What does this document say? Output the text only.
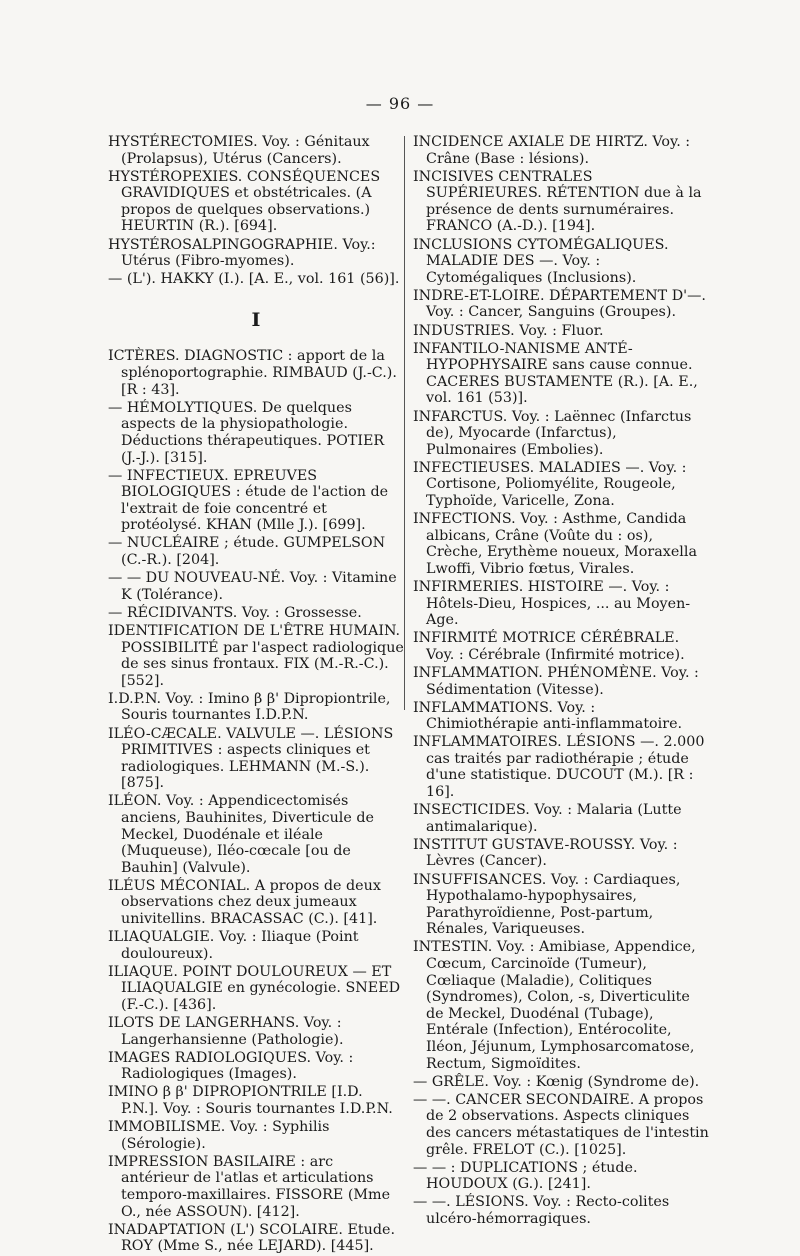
— 96 —

HYSTÉRECTOMIES. Voy. : Génitaux (Prolapsus), Utérus (Cancers).

HYSTÉROPEXIES. CONSÉQUENCES GRAVIDIQUES et obstétricales. (A propos de quelques observations.) HEURTIN (R.). [694].

HYSTÉROSALPINGOGRAPHIE. Voy.: Utérus (Fibro-myomes).

— (L'). HAKKY (I.). [A. E., vol. 161 (56)].

I

ICTÈRES. DIAGNOSTIC : apport de la splénoportographie. RIMBAUD (J.-C.). [R : 43].

— HÉMOLYTIQUES. De quelques aspects de la physiopathologie. Déductions thérapeutiques. POTIER (J.-J.). [315].

— INFECTIEUX. EPREUVES BIOLOGIQUES : étude de l'action de l'extrait de foie concentré et protéolysé. KHAN (Mlle J.). [699].

— NUCLÉAIRE ; étude. GUMPELSON (C.-R.). [204].

— — DU NOUVEAU-NÉ. Voy. : Vitamine K (Tolérance).

— RÉCIDIVANTS. Voy. : Grossesse.

IDENTIFICATION DE L'ÊTRE HUMAIN. POSSIBILITÉ par l'aspect radiologique de ses sinus frontaux. FIX (M.-R.-C.). [552].

I.D.P.N. Voy. : Imino β β' Dipropiontrile, Souris tournantes I.D.P.N.

ILÉO-CÆCALE. VALVULE —. LÉSIONS PRIMITIVES : aspects cliniques et radiologiques. LEHMANN (M.-S.). [875].

ILÉON. Voy. : Appendicectomisés anciens, Bauhinites, Diverticule de Meckel, Duodénale et iléale (Muqueuse), Iléo-cœcale [ou de Bauhin] (Valvule).

ILÉUS MÉCONIAL. A propos de deux observations chez deux jumeaux univitellins. BRACASSAC (C.). [41].

ILIAQUALGIE. Voy. : Iliaque (Point douloureux).

ILIAQUE. POINT DOULOUREUX — ET ILIAQUALGIE en gynécologie. SNEED (F.-C.). [436].

ILOTS DE LANGERHANS. Voy. : Langerhansienne (Pathologie).

IMAGES RADIOLOGIQUES. Voy. : Radiologiques (Images).

IMINO β β' DIPROPIONTRILE [I.D. P.N.]. Voy. : Souris tournantes I.D.P.N.

IMMOBILISME. Voy. : Syphilis (Sérologie).

IMPRESSION BASILAIRE : arc antérieur de l'atlas et articulations temporo-maxillaires. FISSORE (Mme O., née ASSOUN). [412].

INADAPTATION (L') SCOLAIRE. Etude. ROY (Mme S., née LEJARD). [445].

INCIDENCE AXIALE DE HIRTZ. Voy. : Crâne (Base : lésions).

INCISIVES CENTRALES SUPÉRIEURES. RÉTENTION due à la présence de dents surnuméraires. FRANCO (A.-D.). [194].

INCLUSIONS CYTOMÉGALIQUES. MALADIE DES —. Voy. : Cytomégaliques (Inclusions).

INDRE-ET-LOIRE. DÉPARTEMENT D'—. Voy. : Cancer, Sanguins (Groupes).

INDUSTRIES. Voy. : Fluor.

INFANTILO-NANISME ANTÉ-HYPOPHYSAIRE sans cause connue. CACERES BUSTAMENTE (R.). [A. E., vol. 161 (53)].

INFARCTUS. Voy. : Laënnec (Infarctus de), Myocarde (Infarctus), Pulmonaires (Embolies).

INFECTIEUSES. MALADIES —. Voy. : Cortisone, Poliomyélite, Rougeole, Typhoïde, Varicelle, Zona.

INFECTIONS. Voy. : Asthme, Candida albicans, Crâne (Voûte du : os), Crèche, Erythème noueux, Moraxella Lwoffi, Vibrio fœtus, Virales.

INFIRMERIES. HISTOIRE —. Voy. : Hôtels-Dieu, Hospices, ... au Moyen-Age.

INFIRMITÉ MOTRICE CÉRÉBRALE. Voy. : Cérébrale (Infirmité motrice).

INFLAMMATION. PHÉNOMÈNE. Voy. : Sédimentation (Vitesse).

INFLAMMATIONS. Voy. : Chimiothérapie anti-inflammatoire.

INFLAMMATOIRES. LÉSIONS —. 2.000 cas traités par radiothérapie ; étude d'une statistique. DUCOUT (M.). [R : 16].

INSECTICIDES. Voy. : Malaria (Lutte antimalarique).

INSTITUT GUSTAVE-ROUSSY. Voy. : Lèvres (Cancer).

INSUFFISANCES. Voy. : Cardiaques, Hypothalamo-hypophysaires, Parathyroïdienne, Post-partum, Rénales, Variqueuses.

INTESTIN. Voy. : Amibiase, Appendice, Cœcum, Carcinoïde (Tumeur), Cœliaque (Maladie), Colitiques (Syndromes), Colon, -s, Diverticulite de Meckel, Duodénal (Tubage), Entérale (Infection), Entérocolite, Iléon, Jéjunum, Lymphosarcomatose, Rectum, Sigmoïdites.

— GRÊLE. Voy. : Kœnig (Syndrome de).

— —. CANCER SECONDAIRE. A propos de 2 observations. Aspects cliniques des cancers métastatiques de l'intestin grêle. FRELOT (C.). [1025].

— — : DUPLICATIONS ; étude. HOUDOUX (G.). [241].

— —. LÉSIONS. Voy. : Recto-colites ulcéro-hémorragiques.
